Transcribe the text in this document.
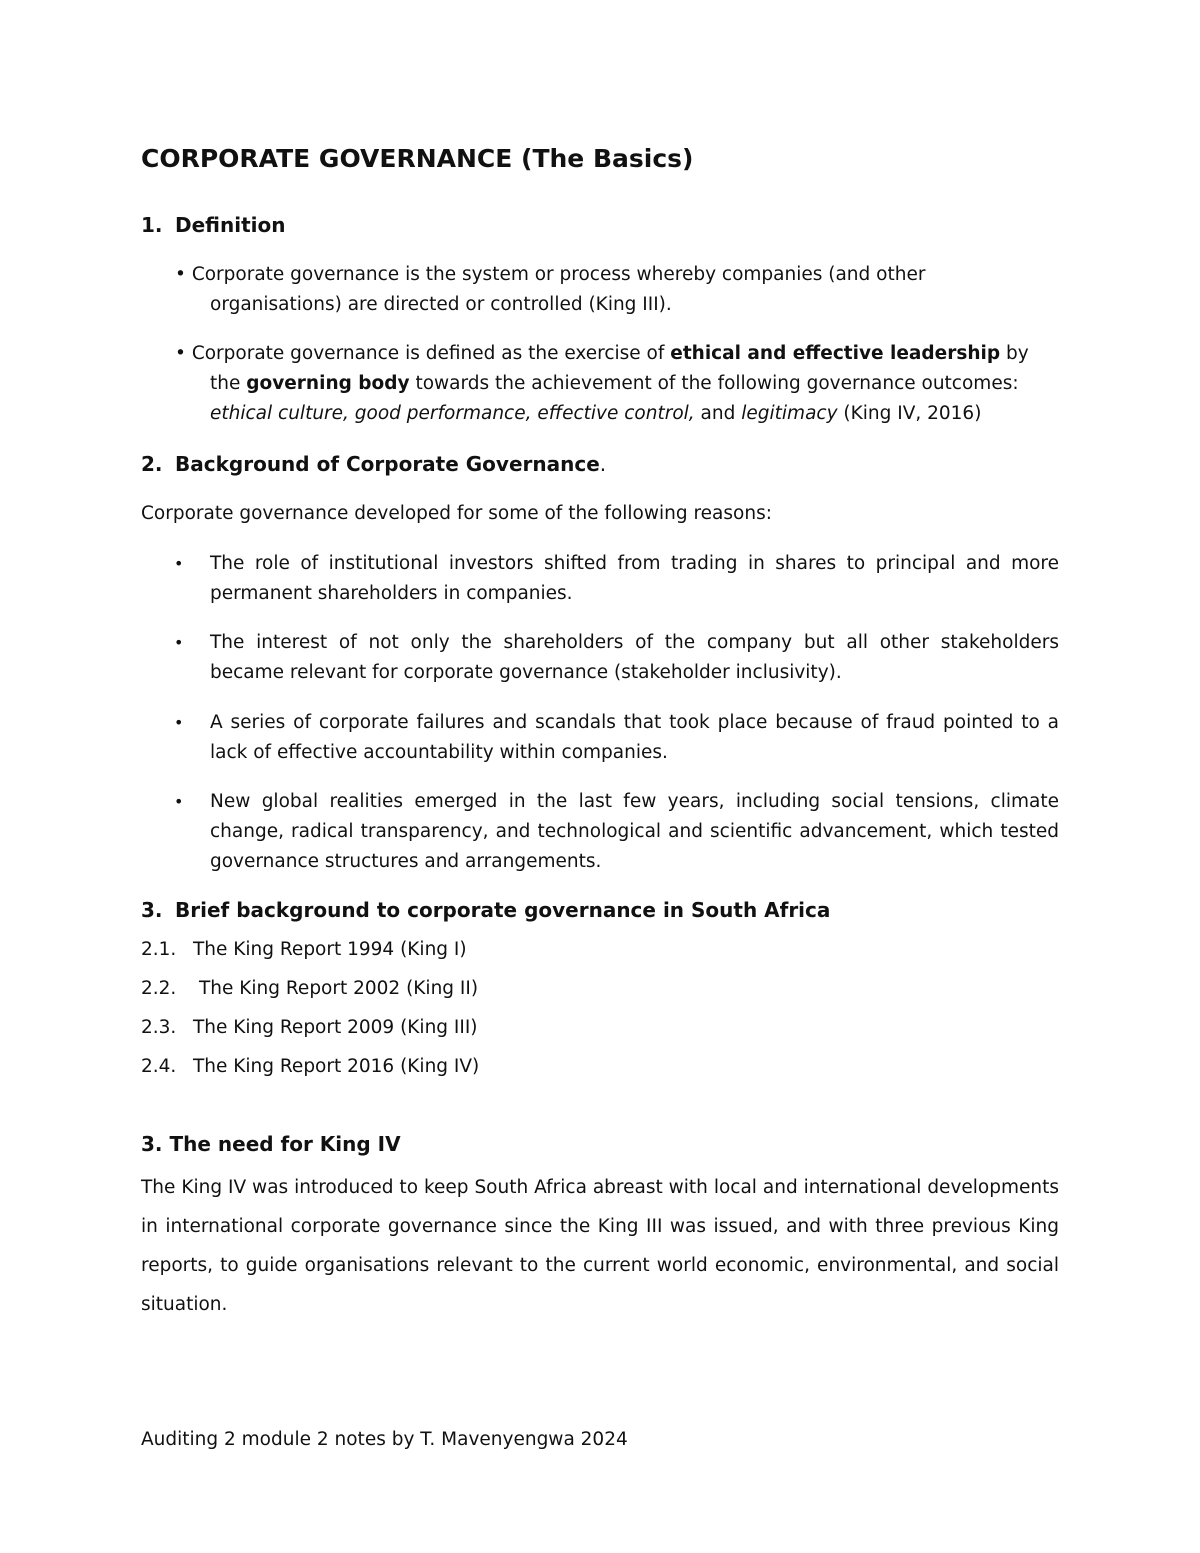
CORPORATE GOVERNANCE (The Basics)
1. Definition
• Corporate governance is the system or process whereby companies (and other
organisations) are directed or controlled (King III).
• Corporate governance is defined as the exercise of ethical and effective leadership by
the governing body towards the achievement of the following governance outcomes:
ethical culture, good performance, effective control, and legitimacy (King IV, 2016)
2. Background of Corporate Governance.
Corporate governance developed for some of the following reasons:
• The role of institutional investors shifted from trading in shares to principal and more permanent shareholders in companies.
• The interest of not only the shareholders of the company but all other stakeholders became relevant for corporate governance (stakeholder inclusivity).
• A series of corporate failures and scandals that took place because of fraud pointed to a lack of effective accountability within companies.
• New global realities emerged in the last few years, including social tensions, climate change, radical transparency, and technological and scientific advancement, which tested governance structures and arrangements.
3. Brief background to corporate governance in South Africa
2.1. The King Report 1994 (King I)
2.2. The King Report 2002 (King II)
2.3. The King Report 2009 (King III)
2.4. The King Report 2016 (King IV)
3. The need for King IV
The King IV was introduced to keep South Africa abreast with local and international developments in international corporate governance since the King III was issued, and with three previous King reports, to guide organisations relevant to the current world economic, environmental, and social situation.
Auditing 2 module 2 notes by T. Mavenyengwa 2024
